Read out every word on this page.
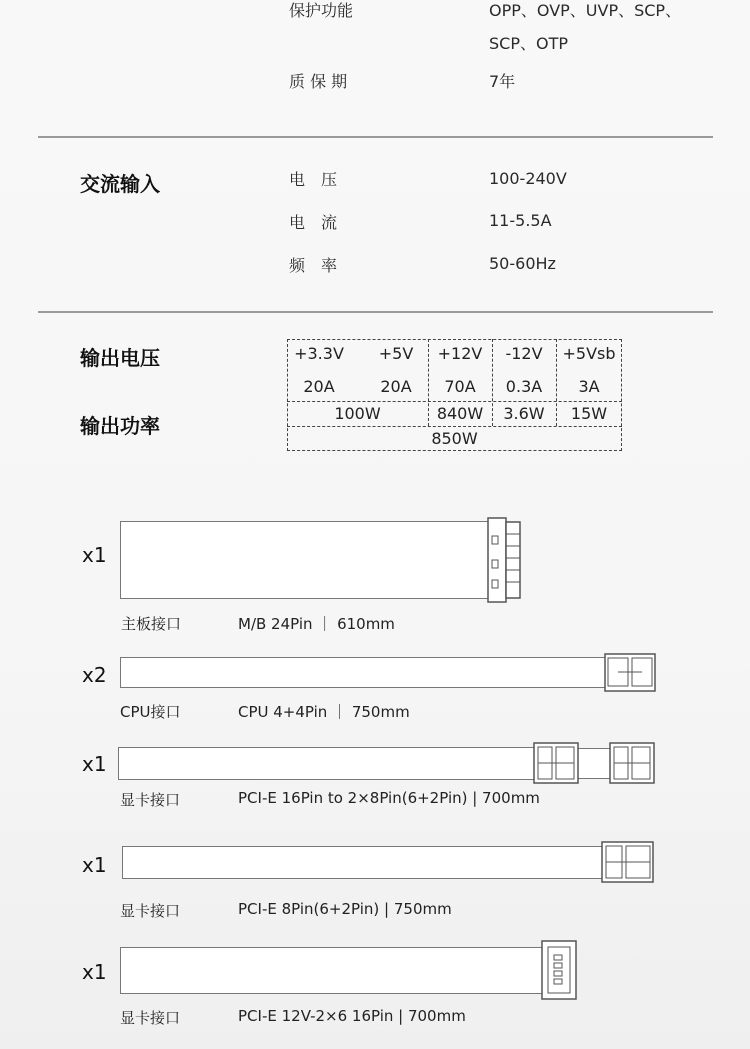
保护功能	OPP、OVP、UVP、SCP、
SCP、OTP
质 保 期	7年
交流输入	电　压	100-240V
电　流	11-5.5A
频　率	50-60Hz
输出电压
输出功率
+3.3V	+5V	+12V	-12V	+5Vsb
20A	20A	70A	0.3A	3A
100W	840W	3.6W	15W
850W
x1
主板接口	M/B 24Pin ｜ 610mm
x2
CPU接口	CPU 4+4Pin ｜ 750mm
x1
显卡接口	PCI-E 16Pin to 2×8Pin(6+2Pin) | 700mm
x1
显卡接口	PCI-E 8Pin(6+2Pin) | 750mm
x1
显卡接口	PCI-E 12V-2×6 16Pin | 700mm
